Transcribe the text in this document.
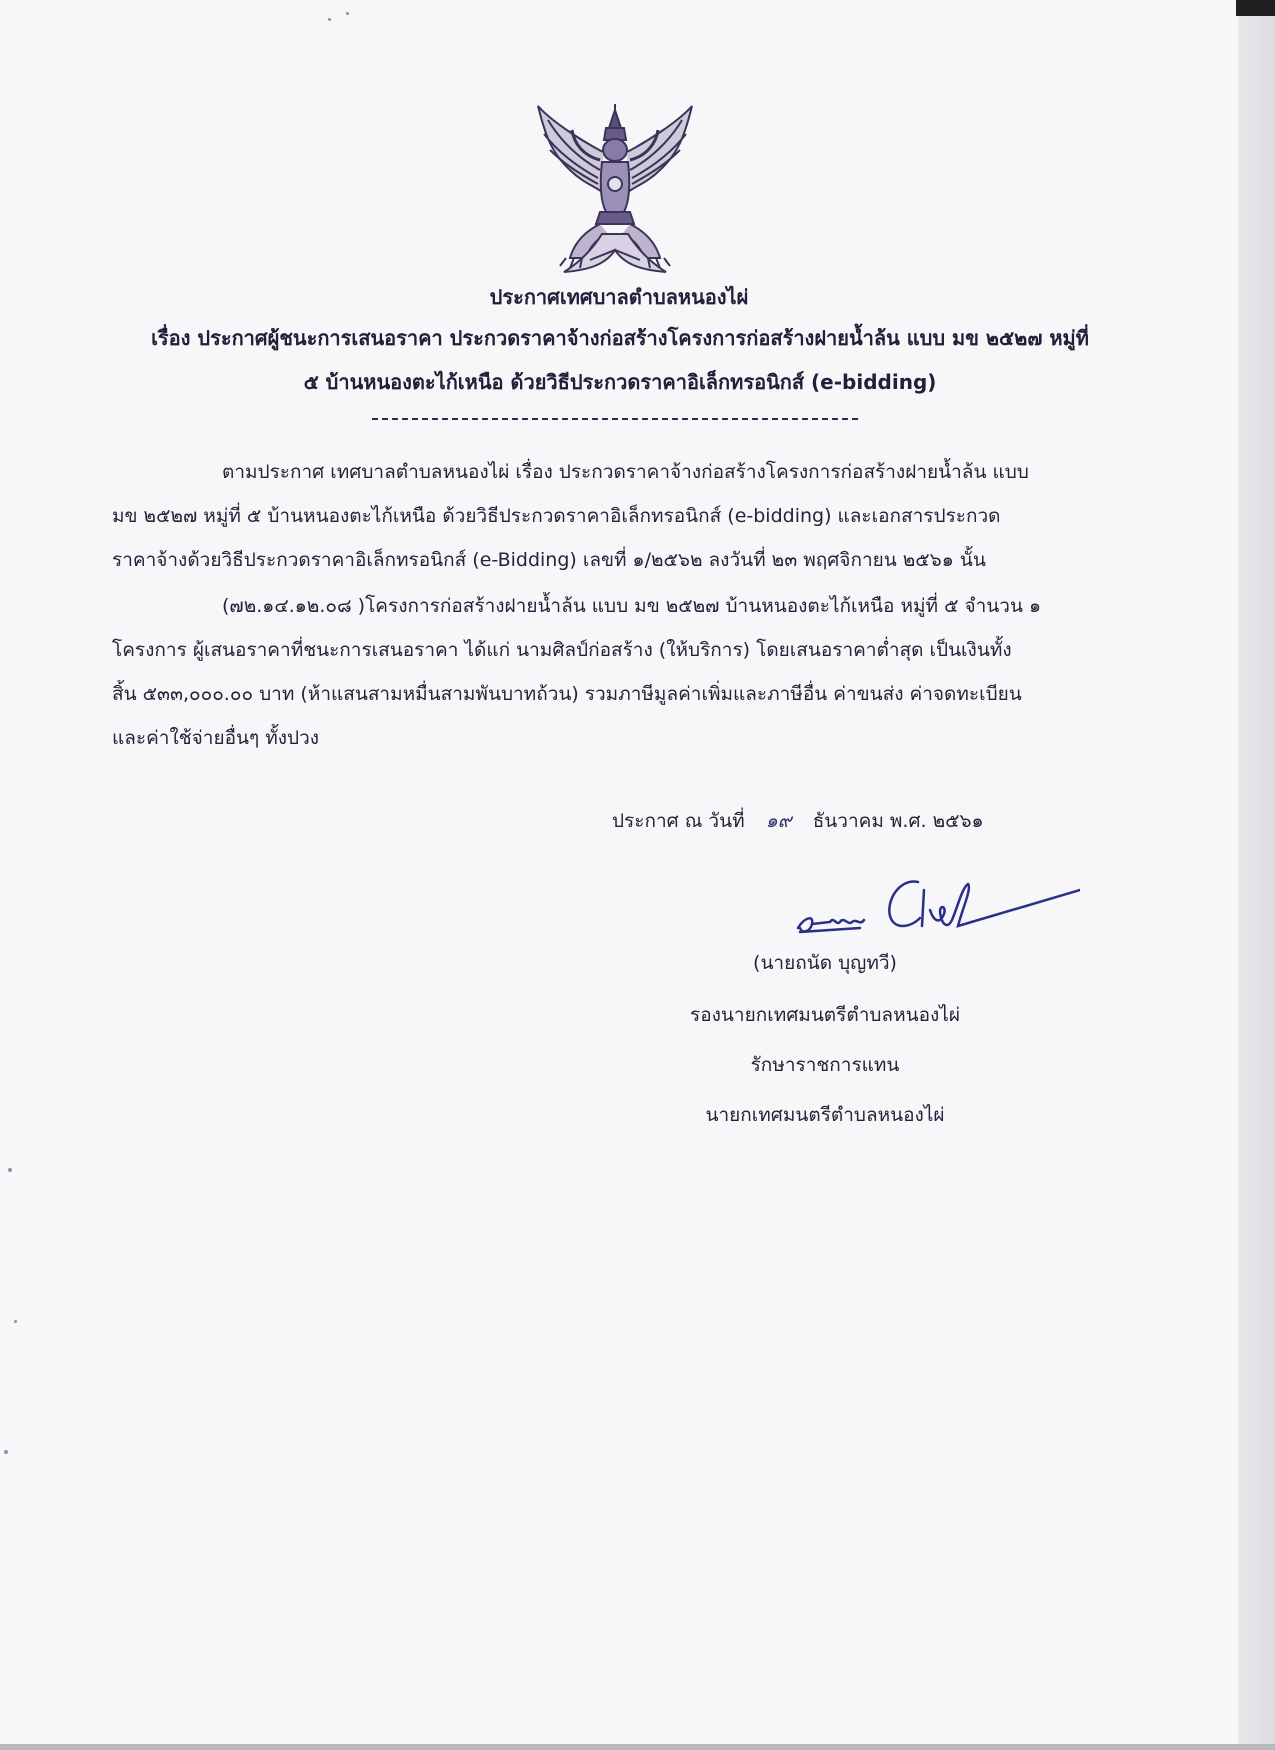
ประกาศเทศบาลตำบลหนองไผ่
เรื่อง ประกาศผู้ชนะการเสนอราคา ประกวดราคาจ้างก่อสร้างโครงการก่อสร้างฝายน้ำล้น แบบ มข ๒๕๒๗ หมู่ที่
๕ บ้านหนองตะไก้เหนือ ด้วยวิธีประกวดราคาอิเล็กทรอนิกส์ (e-bidding)
ตามประกาศ เทศบาลตำบลหนองไผ่ เรื่อง ประกวดราคาจ้างก่อสร้างโครงการก่อสร้างฝายน้ำล้น แบบ
มข ๒๕๒๗ หมู่ที่ ๕ บ้านหนองตะไก้เหนือ ด้วยวิธีประกวดราคาอิเล็กทรอนิกส์ (e-bidding) และเอกสารประกวด
ราคาจ้างด้วยวิธีประกวดราคาอิเล็กทรอนิกส์ (e-Bidding) เลขที่ ๑/๒๕๖๒ ลงวันที่ ๒๓ พฤศจิกายน ๒๕๖๑ นั้น
(๗๒.๑๔.๑๒.๐๘ )โครงการก่อสร้างฝายน้ำล้น แบบ มข ๒๕๒๗ บ้านหนองตะไก้เหนือ หมู่ที่ ๕ จำนวน ๑
โครงการ ผู้เสนอราคาที่ชนะการเสนอราคา ได้แก่ นามศิลป์ก่อสร้าง (ให้บริการ) โดยเสนอราคาต่ำสุด เป็นเงินทั้ง
สิ้น ๕๓๓,๐๐๐.๐๐ บาท (ห้าแสนสามหมื่นสามพันบาทถ้วน) รวมภาษีมูลค่าเพิ่มและภาษีอื่น ค่าขนส่ง ค่าจดทะเบียน
และค่าใช้จ่ายอื่นๆ ทั้งปวง
ประกาศ ณ วันที่ ๑๙ ธันวาคม พ.ศ. ๒๕๖๑
(นายถนัด บุญทวี)
รองนายกเทศมนตรีตำบลหนองไผ่
รักษาราชการแทน
นายกเทศมนตรีตำบลหนองไผ่
